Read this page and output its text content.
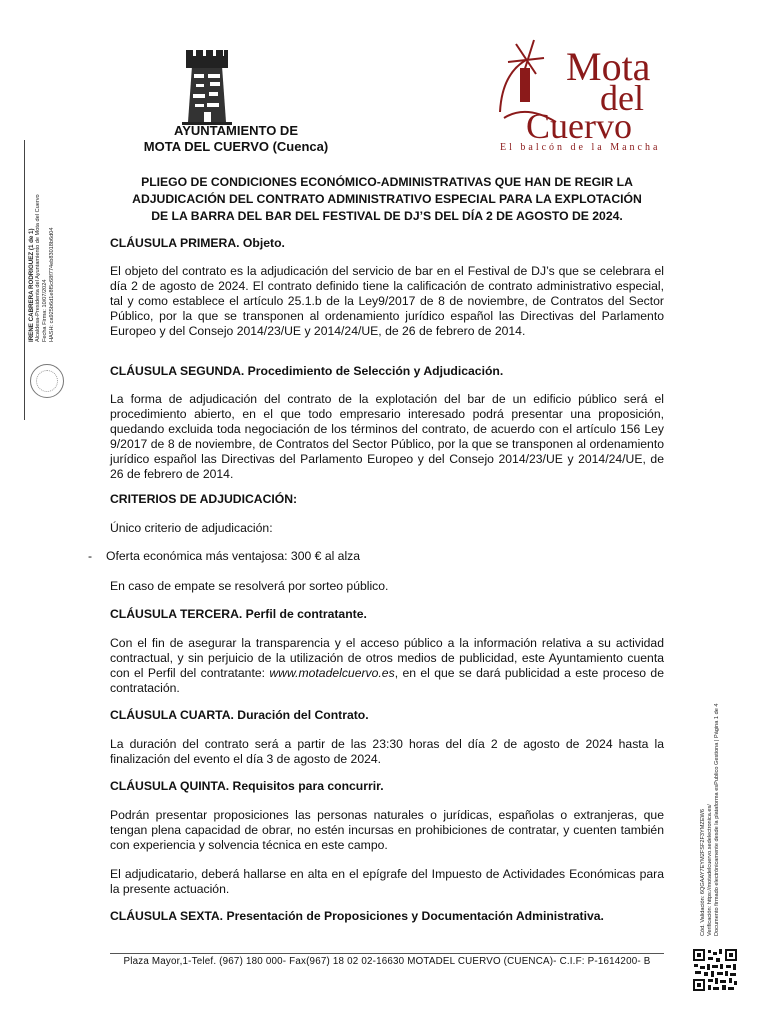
Mota
del
Cuervo
El balcón de la Mancha
AYUNTAMIENTO DE
MOTA DEL CUERVO (Cuenca)
PLIEGO DE CONDICIONES ECONÓMICO-ADMINISTRATIVAS QUE HAN DE REGIR LA
ADJUDICACIÓN DEL CONTRATO ADMINISTRATIVO ESPECIAL PARA LA EXPLOTACIÓN
DE LA BARRA DEL BAR DEL FESTIVAL DE DJ’S DEL DÍA 2 DE AGOSTO DE 2024.
CLÁUSULA PRIMERA. Objeto.
El objeto del contrato es la adjudicación del servicio de bar en el Festival de DJ’s que se celebrara el día 2 de agosto de 2024. El contrato definido tiene la calificación de contrato administrativo especial, tal y como establece el artículo 25.1.b de la Ley9/2017 de 8 de noviembre, de Contratos del Sector Público, por la que se transponen al ordenamiento jurídico español las Directivas del Parlamento Europeo y del Consejo 2014/23/UE y 2014/24/UE, de 26 de febrero de 2014.
CLÁUSULA SEGUNDA. Procedimiento de Selección y Adjudicación.
La forma de adjudicación del contrato de la explotación del bar de un edificio público será el procedimiento abierto, en el que todo empresario interesado podrá presentar una proposición, quedando excluida toda negociación de los términos del contrato, de acuerdo con el artículo 156 Ley 9/2017 de 8 de noviembre, de Contratos del Sector Público, por la que se transponen al ordenamiento jurídico español las Directivas del Parlamento Europeo y del Consejo 2014/23/UE y 2014/24/UE, de 26 de febrero de 2014.
CRITERIOS DE ADJUDICACIÓN:
Único criterio de adjudicación:
- Oferta económica más ventajosa: 300 € al alza
En caso de empate se resolverá por sorteo público.
CLÁUSULA TERCERA. Perfil de contratante.
Con el fin de asegurar la transparencia y el acceso público a la información relativa a su actividad contractual, y sin perjuicio de la utilización de otros medios de publicidad, este Ayuntamiento cuenta con el Perfil del contratante: www.motadelcuervo.es, en el que se dará publicidad a este proceso de contratación.
CLÁUSULA CUARTA. Duración del Contrato.
La duración del contrato será a partir de las 23:30 horas del día 2 de agosto de 2024 hasta la finalización del evento el día 3 de agosto de 2024.
CLÁUSULA QUINTA. Requisitos para concurrir.
Podrán presentar proposiciones las personas naturales o jurídicas, españolas o extranjeras, que tengan plena capacidad de obrar, no estén incursas en prohibiciones de contratar, y cuenten también con experiencia y solvencia técnica en este campo.
El adjudicatario, deberá hallarse en alta en el epígrafe del Impuesto de Actividades Económicas para la presente actuación.
CLÁUSULA SEXTA. Presentación de Proposiciones y Documentación Administrativa.
Plaza Mayor,1-Telef. (967) 180 000- Fax(967) 18 02 02-16630 MOTADEL CUERVO (CUENCA)- C.I.F: P-1614200- B
IRENE CABRERA RODRIGUEZ (1 de 1) Alcaldesa-Presidenta del Ayuntamiento de Mota del Cuervo Fecha Firma: 10/07/2024 HASH: ca925b6d1e8f5c68f774eb83018b6d04
Cód. Validación: 6QGAAY7EYM2FSF2F3YMZEW6 Verificación: https://motadelcuervo.sedelectronica.es/ Documento firmado electrónicamente desde la plataforma esPublico Gestiona | Página 1 de 4
